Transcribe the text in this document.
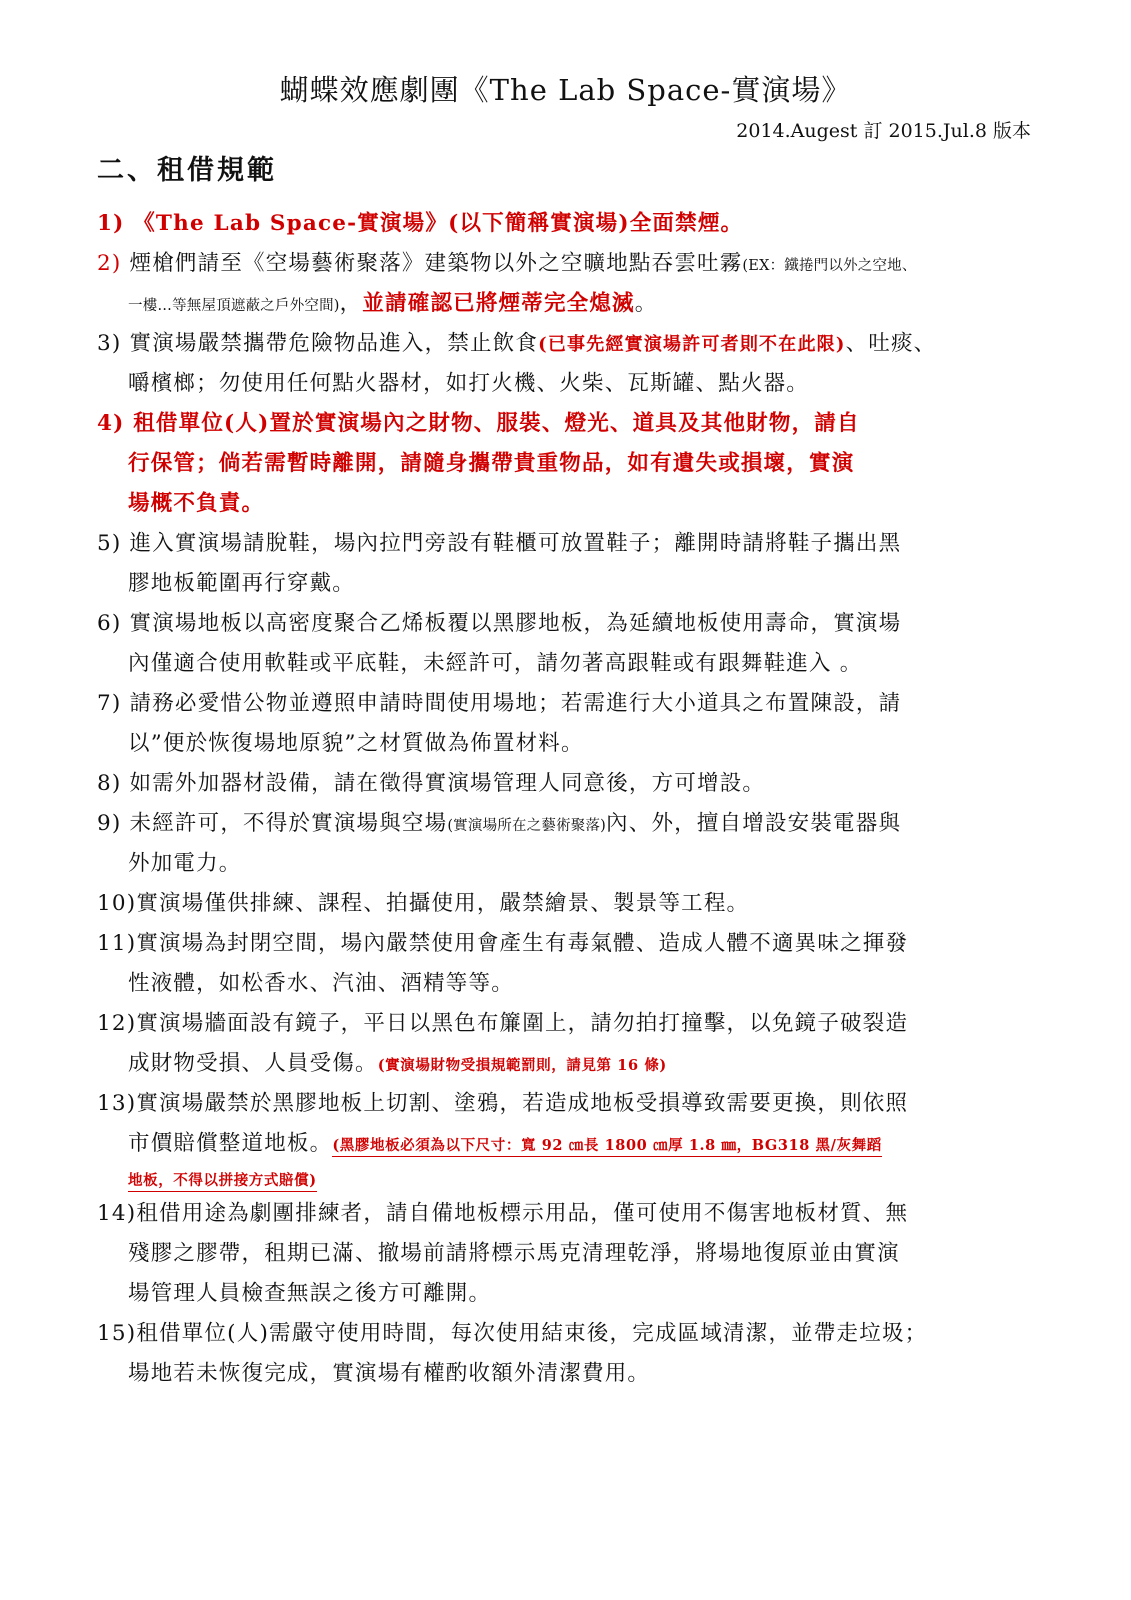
蝴蝶效應劇團《The Lab Space-實演場》
2014.Augest 訂 2015.Jul.8 版本
二、租借規範
1) 《The Lab Space-實演場》(以下簡稱實演場)全面禁煙。
2) 煙槍們請至《空場藝術聚落》建築物以外之空曠地點吞雲吐霧(EX：鐵捲門以外之空地、
一樓…等無屋頂遮蔽之戶外空間)，並請確認已將煙蒂完全熄滅。
3) 實演場嚴禁攜帶危險物品進入，禁止飲食(已事先經實演場許可者則不在此限)、吐痰、
嚼檳榔；勿使用任何點火器材，如打火機、火柴、瓦斯罐、點火器。
4) 租借單位(人)置於實演場內之財物、服裝、燈光、道具及其他財物，請自
行保管；倘若需暫時離開，請隨身攜帶貴重物品，如有遺失或損壞，實演
場概不負責。
5) 進入實演場請脫鞋，場內拉門旁設有鞋櫃可放置鞋子；離開時請將鞋子攜出黑
膠地板範圍再行穿戴。
6) 實演場地板以高密度聚合乙烯板覆以黑膠地板，為延續地板使用壽命，實演場
內僅適合使用軟鞋或平底鞋，未經許可，請勿著高跟鞋或有跟舞鞋進入 。
7) 請務必愛惜公物並遵照申請時間使用場地；若需進行大小道具之布置陳設，請
以”便於恢復場地原貌”之材質做為佈置材料。
8) 如需外加器材設備，請在徵得實演場管理人同意後，方可增設。
9) 未經許可，不得於實演場與空場(實演場所在之藝術聚落)內、外，擅自增設安裝電器與
外加電力。
10)實演場僅供排練、課程、拍攝使用，嚴禁繪景、製景等工程。
11)實演場為封閉空間，場內嚴禁使用會產生有毒氣體、造成人體不適異味之揮發
性液體，如松香水、汽油、酒精等等。
12)實演場牆面設有鏡子，平日以黑色布簾圍上，請勿拍打撞擊，以免鏡子破裂造
成財物受損、人員受傷。(實演場財物受損規範罰則，請見第 16 條)
13)實演場嚴禁於黑膠地板上切割、塗鴉，若造成地板受損導致需要更換，則依照
市價賠償整道地板。(黑膠地板必須為以下尺寸：寬 92 ㎝長 1800 ㎝厚 1.8 ㎜，BG318 黑/灰舞蹈
地板，不得以拼接方式賠償)
14)租借用途為劇團排練者，請自備地板標示用品，僅可使用不傷害地板材質、無
殘膠之膠帶，租期已滿、撤場前請將標示馬克清理乾淨，將場地復原並由實演
場管理人員檢查無誤之後方可離開。
15)租借單位(人)需嚴守使用時間，每次使用結束後，完成區域清潔，並帶走垃圾；
場地若未恢復完成，實演場有權酌收額外清潔費用。
